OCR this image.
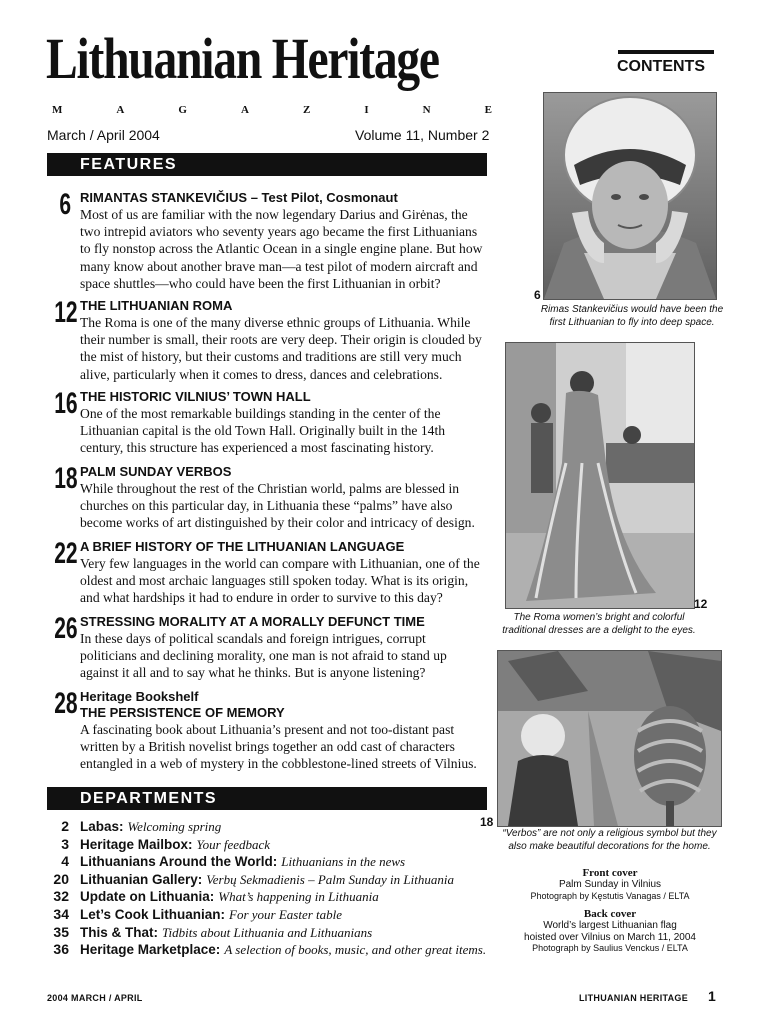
Lithuanian Heritage
M	A	G	A	Z	I	N	E
March / April 2004	Volume 11, Number 2
FEATURES
6 RIMANTAS STANKEVIČIUS – Test Pilot, Cosmonaut
Most of us are familiar with the now legendary Darius and Girėnas, the
two intrepid aviators who seventy years ago became the first Lithuanians
to fly nonstop across the Atlantic Ocean in a single engine plane. But how
many know about another brave man—a test pilot of modern aircraft and
space shuttles—who could have been the first Lithuanian in orbit?
12 THE LITHUANIAN ROMA
The Roma is one of the many diverse ethnic groups of Lithuania. While
their number is small, their roots are very deep. Their origin is clouded by
the mist of history, but their customs and traditions are still very much
alive, particularly when it comes to dress, dances and celebrations.
16 THE HISTORIC VILNIUS’ TOWN HALL
One of the most remarkable buildings standing in the center of the
Lithuanian capital is the old Town Hall. Originally built in the 14th
century, this structure has experienced a most fascinating history.
18 PALM SUNDAY VERBOS
While throughout the rest of the Christian world, palms are blessed in
churches on this particular day, in Lithuania these “palms” have also
become works of art distinguished by their color and intricacy of design.
22 A BRIEF HISTORY OF THE LITHUANIAN LANGUAGE
Very few languages in the world can compare with Lithuanian, one of the
oldest and most archaic languages still spoken today. What is its origin,
and what hardships it had to endure in order to survive to this day?
26 STRESSING MORALITY AT A MORALLY DEFUNCT TIME
In these days of political scandals and foreign intrigues, corrupt
politicians and declining morality, one man is not afraid to stand up
against it all and to say what he thinks. But is anyone listening?
28 Heritage Bookshelf
THE PERSISTENCE OF MEMORY
A fascinating book about Lithuania’s present and not too-distant past
written by a British novelist brings together an odd cast of characters
entangled in a web of mystery in the cobblestone-lined streets of Vilnius.
DEPARTMENTS
2 Labas: Welcoming spring
3 Heritage Mailbox: Your feedback
4 Lithuanians Around the World: Lithuanians in the news
20 Lithuanian Gallery: Verbų Sekmadienis – Palm Sunday in Lithuania
32 Update on Lithuania: What’s happening in Lithuania
34 Let’s Cook Lithuanian: For your Easter table
35 This & That: Tidbits about Lithuania and Lithuanians
36 Heritage Marketplace: A selection of books, music, and other great items.
CONTENTS
6
Rimas Stankevičius would have been the
first Lithuanian to fly into deep space.
12
The Roma women’s bright and colorful
traditional dresses are a delight to the eyes.
18
“Verbos” are not only a religious symbol but they
also make beautiful decorations for the home.
Front cover
Palm Sunday in Vilnius
Photograph by Kęstutis Vanagas / ELTA
Back cover
World’s largest Lithuanian flag
hoisted over Vilnius on March 11, 2004
Photograph by Saulius Venckus / ELTA
2004 MARCH / APRIL	LITHUANIAN HERITAGE 1
